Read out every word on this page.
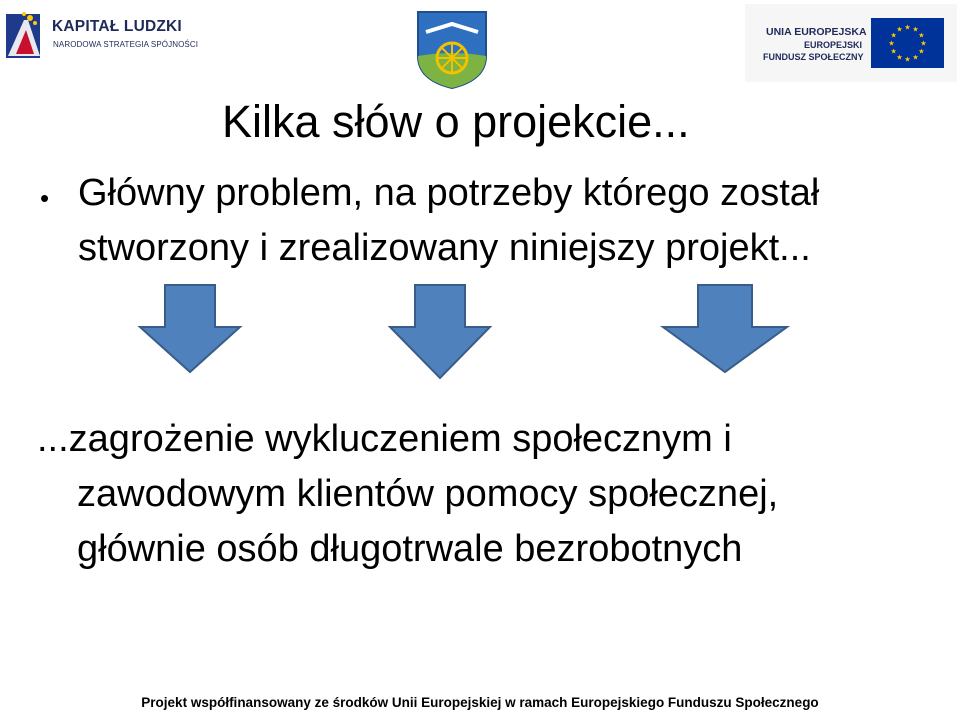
KAPITAŁ LUDZKI
NARODOWA STRATEGIA SPÓJNOŚCI
UNIA EUROPEJSKA
EUROPEJSKI
FUNDUSZ SPOŁECZNY
★ ★
★
★
★
★
★
★
★
★
★
★
Kilka słów o projekcie...
• Główny problem, na potrzeby którego został stworzony i zrealizowany niniejszy projekt...
...zagrożenie wykluczeniem społecznym i
zawodowym klientów pomocy społecznej,
głównie osób długotrwale bezrobotnych
Projekt współfinansowany ze środków Unii Europejskiej w ramach Europejskiego Funduszu Społecznego
